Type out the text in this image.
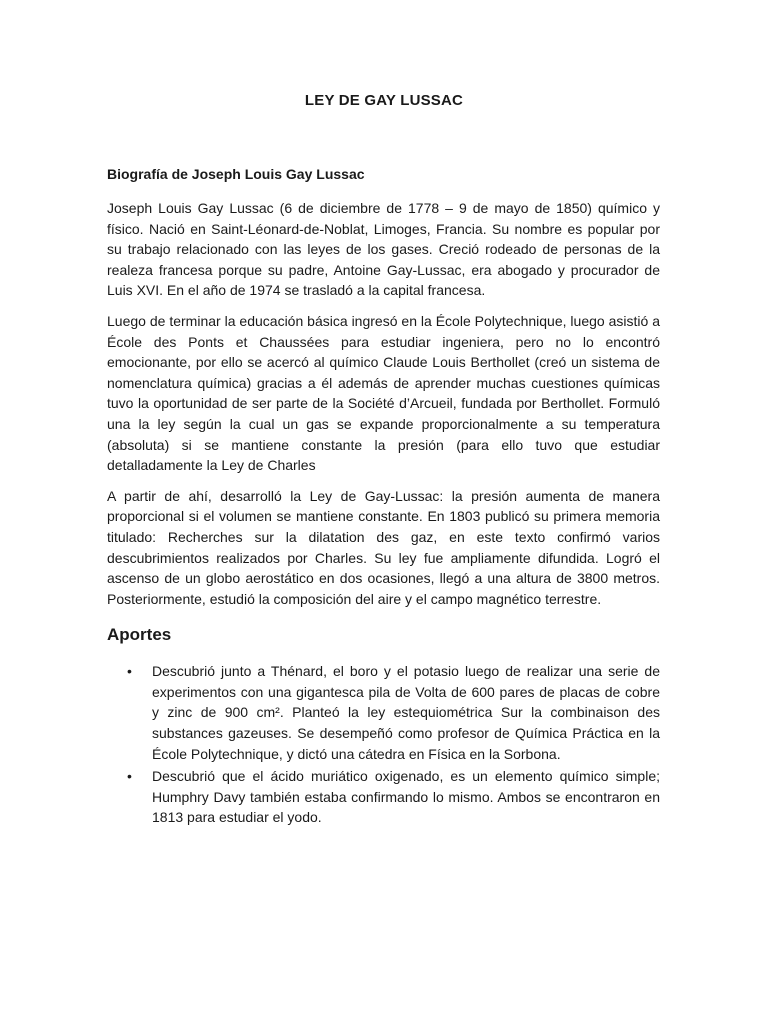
LEY DE GAY LUSSAC
Biografía de Joseph Louis Gay Lussac

Joseph Louis Gay Lussac (6 de diciembre de 1778 – 9 de mayo de 1850) químico y físico. Nació en Saint-Léonard-de-Noblat, Limoges, Francia. Su nombre es popular por su trabajo relacionado con las leyes de los gases. Creció rodeado de personas de la realeza francesa porque su padre, Antoine Gay-Lussac, era abogado y procurador de Luis XVI. En el año de 1974 se trasladó a la capital francesa.

Luego de terminar la educación básica ingresó en la École Polytechnique, luego asistió a École des Ponts et Chaussées para estudiar ingeniera, pero no lo encontró emocionante, por ello se acercó al químico Claude Louis Berthollet (creó un sistema de nomenclatura química) gracias a él además de aprender muchas cuestiones químicas tuvo la oportunidad de ser parte de la Société d’Arcueil, fundada por Berthollet. Formuló una la ley según la cual un gas se expande proporcionalmente a su temperatura (absoluta) si se mantiene constante la presión (para ello tuvo que estudiar detalladamente la Ley de Charles

A partir de ahí, desarrolló la Ley de Gay-Lussac: la presión aumenta de manera proporcional si el volumen se mantiene constante. En 1803 publicó su primera memoria titulado: Recherches sur la dilatation des gaz, en este texto confirmó varios descubrimientos realizados por Charles. Su ley fue ampliamente difundida. Logró el ascenso de un globo aerostático en dos ocasiones, llegó a una altura de 3800 metros. Posteriormente, estudió la composición del aire y el campo magnético terrestre.

Aportes
• Descubrió junto a Thénard, el boro y el potasio luego de realizar una serie de experimentos con una gigantesca pila de Volta de 600 pares de placas de cobre y zinc de 900 cm². Planteó la ley estequiométrica Sur la combinaison des substances gazeuses. Se desempeñó como profesor de Química Práctica en la École Polytechnique, y dictó una cátedra en Física en la Sorbona.
• Descubrió que el ácido muriático oxigenado, es un elemento químico simple; Humphry Davy también estaba confirmando lo mismo. Ambos se encontraron en 1813 para estudiar el yodo.
